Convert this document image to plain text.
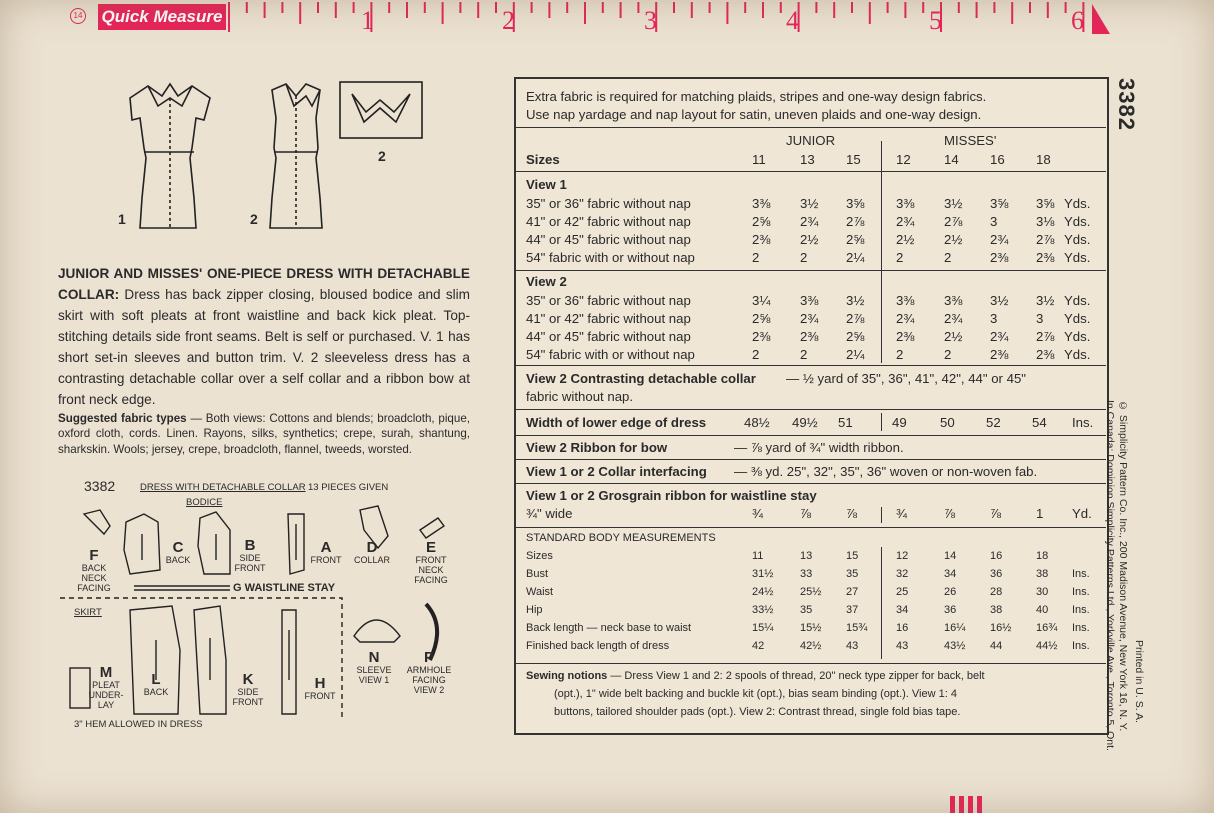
14 Quick Measure	1	2	3	4	5	6
1	2
2
JUNIOR AND MISSES' ONE-PIECE DRESS WITH DETACHABLE COLLAR: Dress has back zipper closing, bloused bodice and slim skirt with soft pleats at front waistline and back kick pleat. Top-stitching details side front seams. Belt is self or purchased. V. 1 has short set-in sleeves and button trim. V. 2 sleeveless dress has a contrasting detachable collar over a self collar and a ribbon bow at front neck edge.
Suggested fabric types — Both views: Cottons and blends; broadcloth, pique, oxford cloth, cords. Linen. Rayons, silks, synthetics; crepe, surah, shantung, sharkskin. Wools; jersey, crepe, broadcloth, flannel, tweeds, worsted.
3382	DRESS WITH DETACHABLE COLLAR 13 PIECES GIVEN
BODICE
SKIRT
G WAISTLINE STAY
3" HEM ALLOWED IN DRESS
F
BACK NECK FACING
C
BACK
B
SIDE FRONT
A
FRONT
D
COLLAR
E
FRONT NECK FACING
M
PLEAT UNDER- LAY
L
BACK
K
SIDE FRONT
H
FRONT
N
SLEEVE VIEW 1
P
ARMHOLE FACING VIEW 2
Extra fabric is required for matching plaids, stripes and one-way design fabrics.
Use nap yardage and nap layout for satin, uneven plaids and one-way design.
JUNIOR	MISSES'
Sizes	11	13 15	12	14 16 18
View 1
35" or 36" fabric without nap	3⅜ 3½ 3⅝ 3⅜ 3½ 3⅝ 3⅝ Yds.
41" or 42" fabric without nap	2⅝ 2¾ 2⅞ 2¾ 2⅞ 3	3⅛ Yds.
44" or 45" fabric without nap	2⅜ 2½ 2⅝ 2½ 2½ 2¾ 2⅞ Yds.
54" fabric with or without nap	2	2	2¼ 2	2	2⅜ 2⅜ Yds.
View 2
35" or 36" fabric without nap	3¼ 3⅜ 3½ 3⅜ 3⅜ 3½ 3½ Yds.
41" or 42" fabric without nap	2⅝ 2¾ 2⅞ 2¾ 2¾ 3	3 Yds.
44" or 45" fabric without nap	2⅜ 2⅜ 2⅝ 2⅜ 2½ 2¾ 2⅞ Yds.
54" fabric with or without nap	2	2	2¼ 2	2	2⅜ 2⅜ Yds.
View 2 Contrasting detachable collar — ½ yard of 35", 36", 41", 42", 44" or 45"
fabric without nap.
Width of lower edge of dress	48½ 49½ 51	49	50 52 54 Ins.
View 2 Ribbon for bow	— ⅞ yard of ¾" width ribbon.
View 1 or 2 Collar interfacing — ⅜ yd. 25", 32", 35", 36" woven or non-woven fab.
View 1 or 2 Grosgrain ribbon for waistline stay
¾" wide	¾	⅞	⅞	¾	⅞	⅞	1 Yd.
STANDARD BODY MEASUREMENTS
Sizes	11	13	15	12	14	16	18
Bust	31½ 33	35	32	34	36	38 Ins.
Waist	24½ 25½ 27	25	26	28	30 Ins.
Hip	33½ 35	37	34	36	38	40 Ins.
Back length — neck base to waist	15¼ 15½ 15¾	16	16¼ 16½ 16¾ Ins.
Finished back length of dress	42	42½ 43	43	43½ 44	44½ Ins.
Sewing notions — Dress View 1 and 2: 2 spools of thread, 20" neck type zipper for back, belt
(opt.), 1" wide belt backing and buckle kit (opt.), bias seam binding (opt.). View 1: 4
buttons, tailored shoulder pads (opt.). View 2: Contrast thread, single fold bias tape.
3382
© Simplicity Pattern Co. Inc., 200 Madison Avenue, New York 16, N. Y.
In Canada: Dominion Simplicity Patterns Ltd., Yorkville Ave., Toronto 5, Ont. Printed in U. S. A.
